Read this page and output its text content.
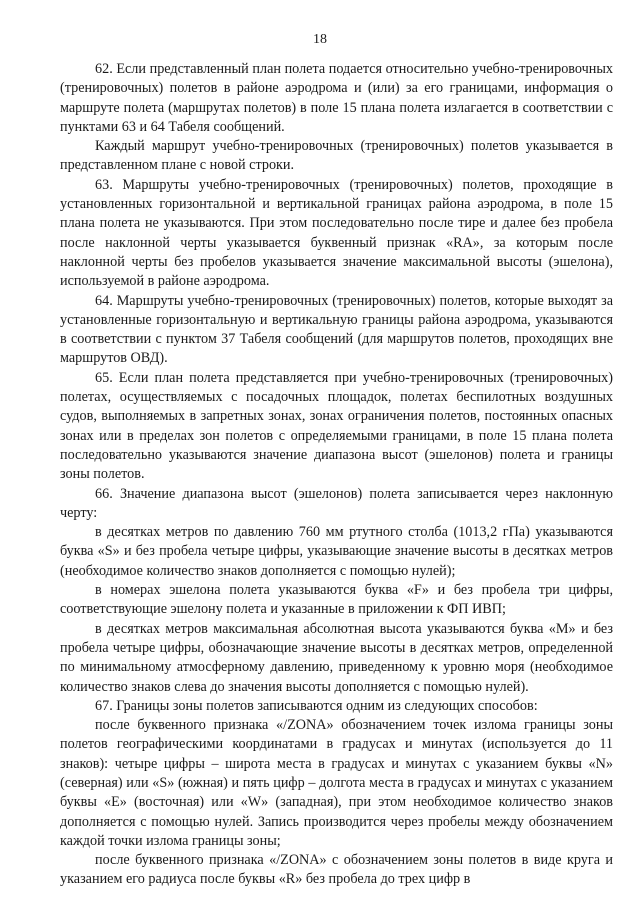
18

62. Если представленный план полета подается относительно учебно-тренировочных (тренировочных) полетов в районе аэродрома и (или) за его границами, информация о маршруте полета (маршрутах полетов) в поле 15 плана полета излагается в соответствии с пунктами 63 и 64 Табеля сообщений.

Каждый маршрут учебно-тренировочных (тренировочных) полетов указывается в представленном плане с новой строки.

63. Маршруты учебно-тренировочных (тренировочных) полетов, проходящие в установленных горизонтальной и вертикальной границах района аэродрома, в поле 15 плана полета не указываются. При этом последовательно после тире и далее без пробела после наклонной черты указывается буквенный признак «RA», за которым после наклонной черты без пробелов указывается значение максимальной высоты (эшелона), используемой в районе аэродрома.

64. Маршруты учебно-тренировочных (тренировочных) полетов, которые выходят за установленные горизонтальную и вертикальную границы района аэродрома, указываются в соответствии с пунктом 37 Табеля сообщений (для маршрутов полетов, проходящих вне маршрутов ОВД).

65. Если план полета представляется при учебно-тренировочных (тренировочных) полетах, осуществляемых с посадочных площадок, полетах беспилотных воздушных судов, выполняемых в запретных зонах, зонах ограничения полетов, постоянных опасных зонах или в пределах зон полетов с определяемыми границами, в поле 15 плана полета последовательно указываются значение диапазона высот (эшелонов) полета и границы зоны полетов.

66. Значение диапазона высот (эшелонов) полета записывается через наклонную черту:

в десятках метров по давлению 760 мм ртутного столба (1013,2 гПа) указываются буква «S» и без пробела четыре цифры, указывающие значение высоты в десятках метров (необходимое количество знаков дополняется с помощью нулей);

в номерах эшелона полета указываются буква «F» и без пробела три цифры, соответствующие эшелону полета и указанные в приложении к ФП ИВП;

в десятках метров максимальная абсолютная высота указываются буква «M» и без пробела четыре цифры, обозначающие значение высоты в десятках метров, определенной по минимальному атмосферному давлению, приведенному к уровню моря (необходимое количество знаков слева до значения высоты дополняется с помощью нулей).

67. Границы зоны полетов записываются одним из следующих способов:

после буквенного признака «/ZONA» обозначением точек излома границы зоны полетов географическими координатами в градусах и минутах (используется до 11 знаков): четыре цифры – широта места в градусах и минутах с указанием буквы «N» (северная) или «S» (южная) и пять цифр – долгота места в градусах и минутах с указанием буквы «E» (восточная) или «W» (западная), при этом необходимое количество знаков дополняется с помощью нулей. Запись производится через пробелы между обозначением каждой точки излома границы зоны;

после буквенного признака «/ZONA» с обозначением зоны полетов в виде круга и указанием его радиуса после буквы «R» без пробела до трех цифр в
